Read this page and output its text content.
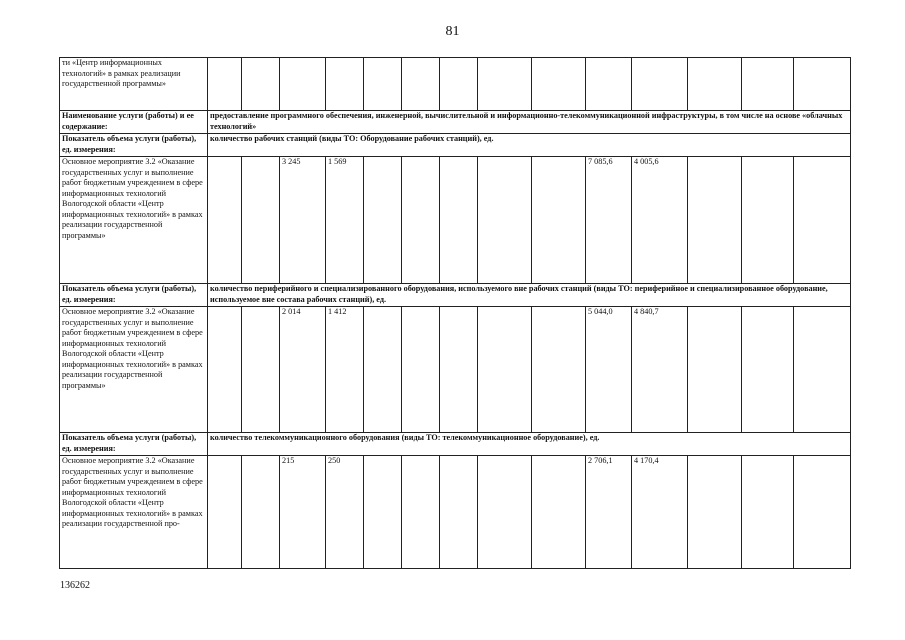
81
ти «Центр информационных технологий» в рамках реализации государственной программы»														
Наименование услуги (работы) и ее содержание:	предоставление программного обеспечения, инженерной, вычислительной и информационно-телекоммуникационной инфраструктуры, в том числе на основе «облачных технологий»													
Показатель объема услуги (работы), ед. измерения:	количество рабочих станций (виды ТО: Оборудование рабочих станций), ед.													
Основное мероприятие 3.2 «Оказание государственных услуг и выполнение работ бюджетным учреждением в сфере информационных технологий Вологодской области «Центр информационных технологий» в рамках реализации государственной программы»			3 245	1 569						7 085,6	4 005,6			
Показатель объема услуги (работы), ед. измерения:	количество периферийного и специализированного оборудования, используемого вне рабочих станций (виды ТО: периферийное и специализированное оборудование, используемое вне состава рабочих станций), ед.													
Основное мероприятие 3.2 «Оказание государственных услуг и выполнение работ бюджетным учреждением в сфере информационных технологий Вологодской области «Центр информационных технологий» в рамках реализации государственной программы»			2 014	1 412						5 044,0	4 840,7			
Показатель объема услуги (работы), ед. измерения:	количество телекоммуникационного оборудования (виды ТО: телекоммуникационное оборудование), ед.													
Основное мероприятие 3.2 «Оказание государственных услуг и выполнение работ бюджетным учреждением в сфере информационных технологий Вологодской области «Центр информационных технологий» в рамках реализации государственной про-			215	250						2 706,1	4 170,4			
136262
